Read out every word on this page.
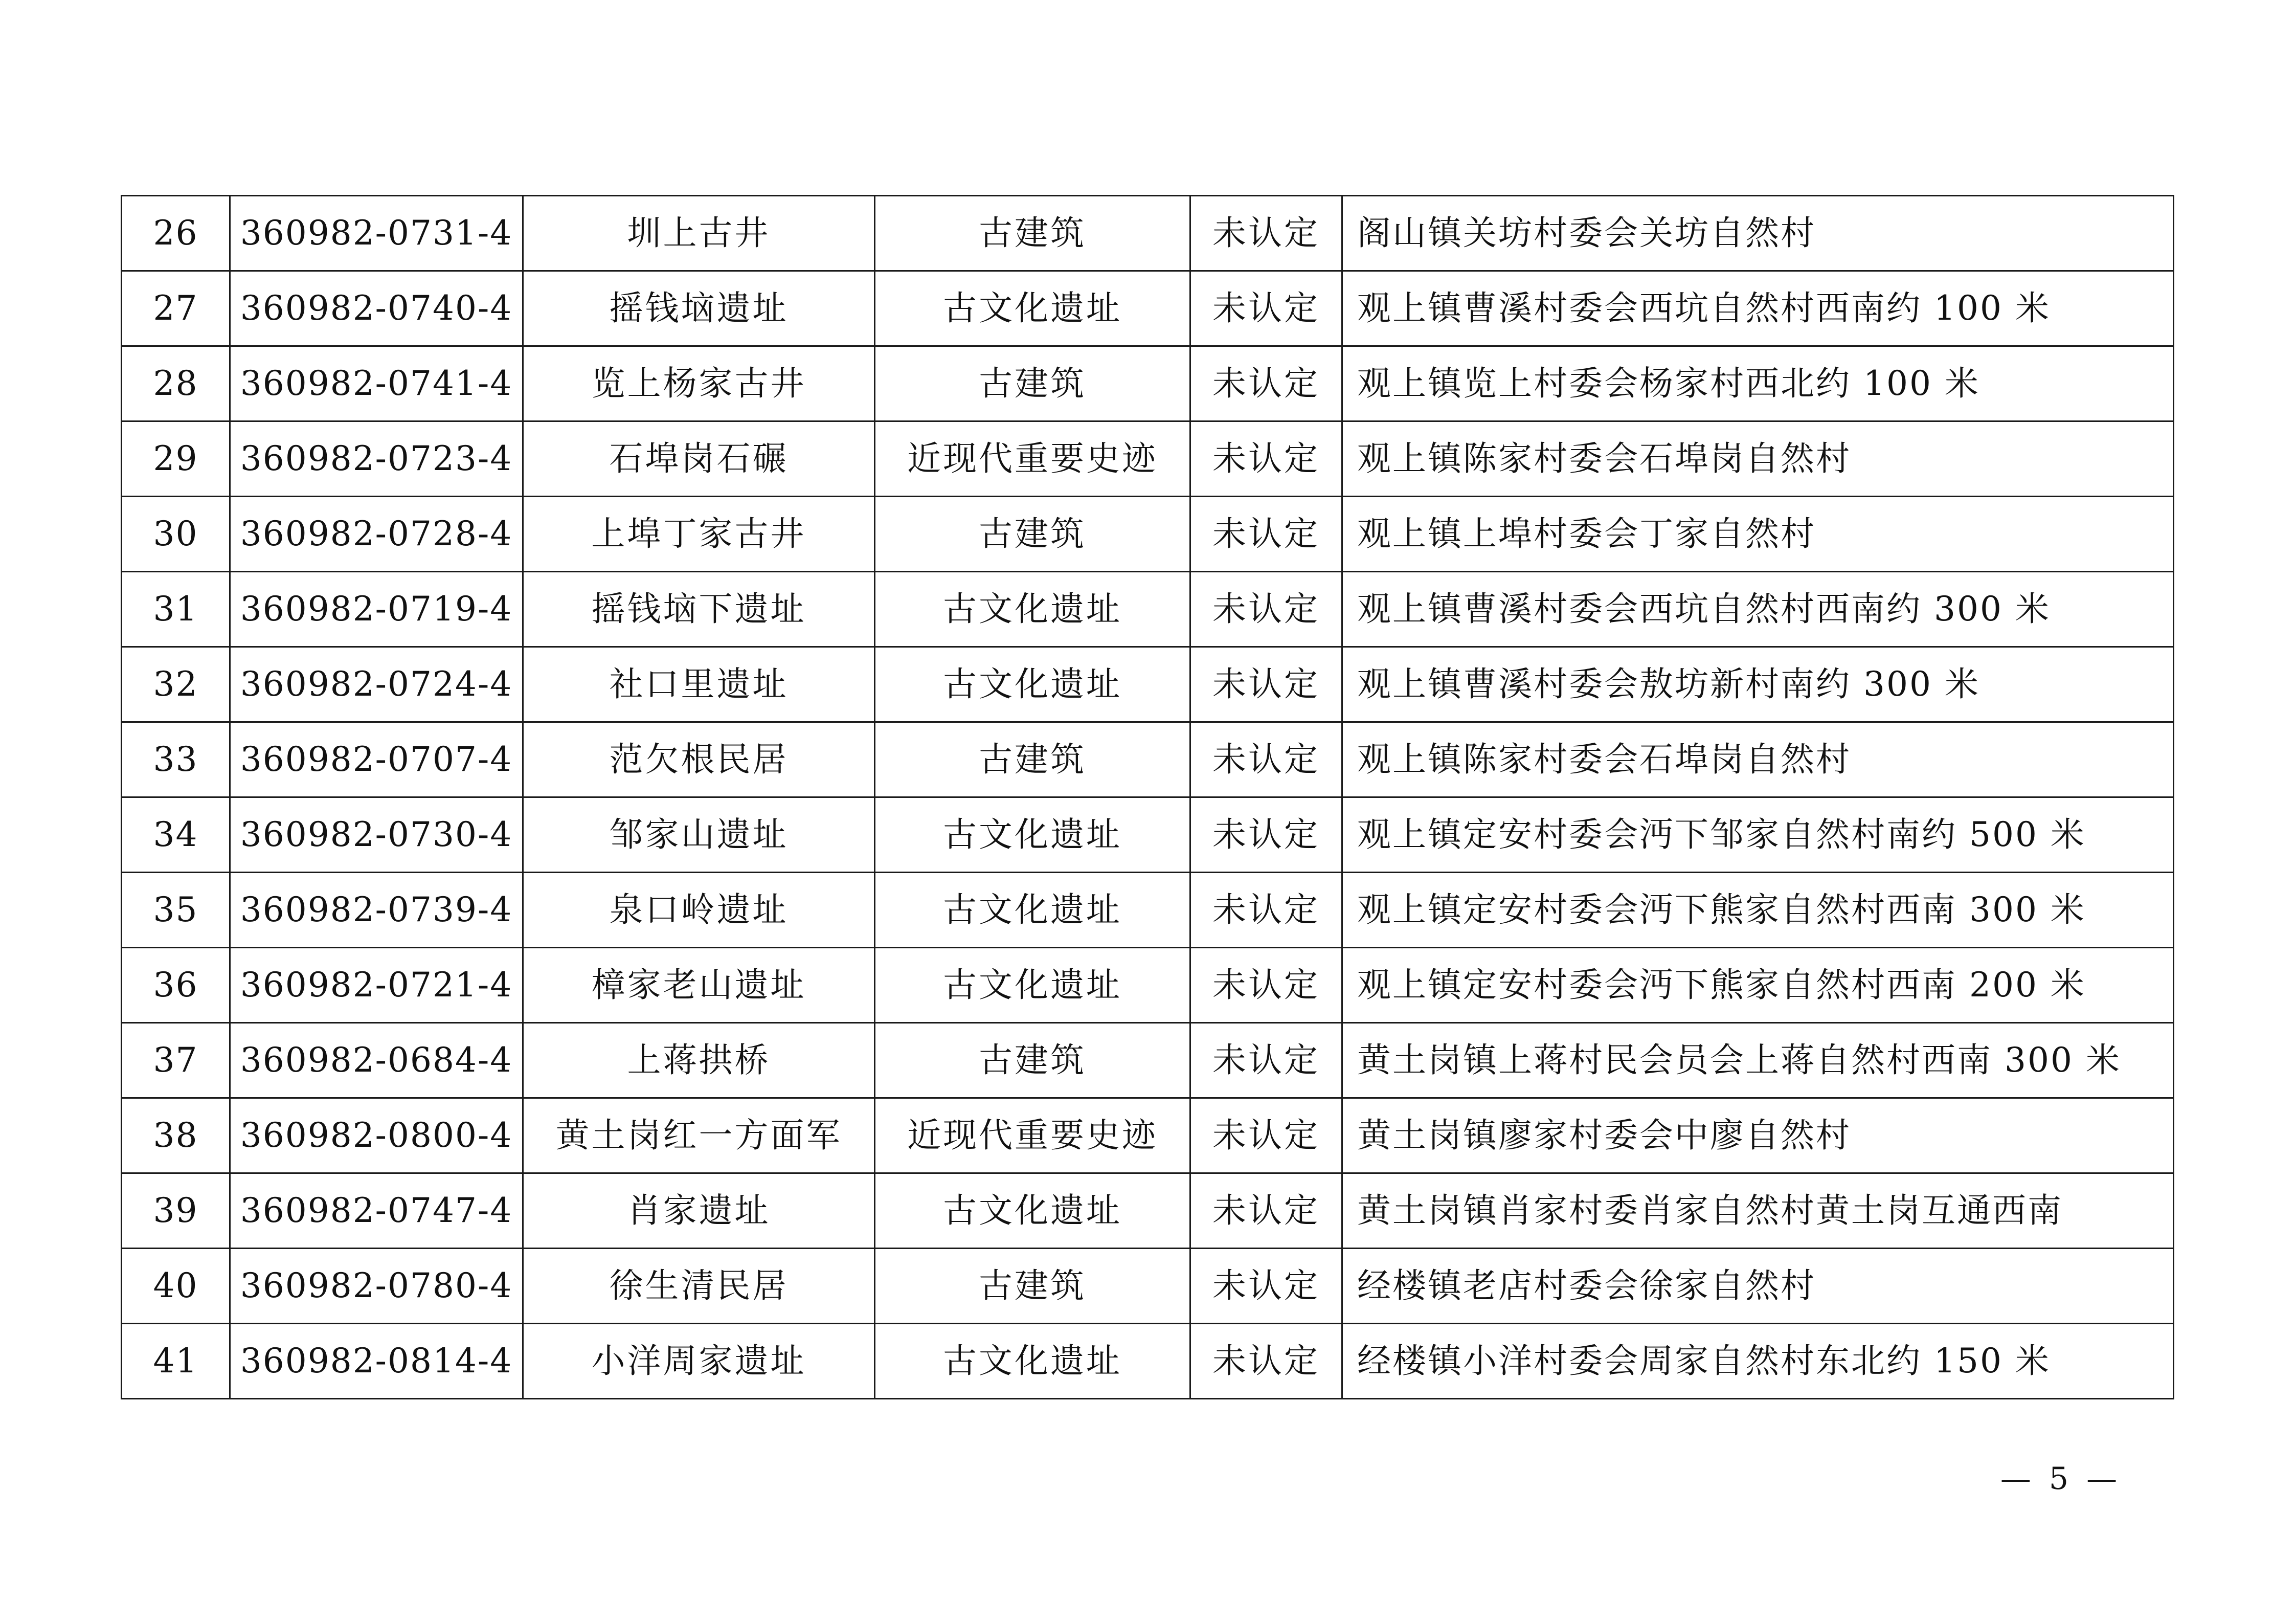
26	360982-0731-4	圳上古井	古建筑	未认定	阁山镇关坊村委会关坊自然村
27	360982-0740-4	摇钱垴遗址	古文化遗址	未认定	观上镇曹溪村委会西坑自然村西南约 100 米
28	360982-0741-4	览上杨家古井	古建筑	未认定	观上镇览上村委会杨家村西北约 100 米
29	360982-0723-4	石埠岗石碾	近现代重要史迹	未认定	观上镇陈家村委会石埠岗自然村
30	360982-0728-4	上埠丁家古井	古建筑	未认定	观上镇上埠村委会丁家自然村
31	360982-0719-4	摇钱垴下遗址	古文化遗址	未认定	观上镇曹溪村委会西坑自然村西南约 300 米
32	360982-0724-4	社口里遗址	古文化遗址	未认定	观上镇曹溪村委会敖坊新村南约 300 米
33	360982-0707-4	范欠根民居	古建筑	未认定	观上镇陈家村委会石埠岗自然村
34	360982-0730-4	邹家山遗址	古文化遗址	未认定	观上镇定安村委会沔下邹家自然村南约 500 米
35	360982-0739-4	泉口岭遗址	古文化遗址	未认定	观上镇定安村委会沔下熊家自然村西南 300 米
36	360982-0721-4	樟家老山遗址	古文化遗址	未认定	观上镇定安村委会沔下熊家自然村西南 200 米
37	360982-0684-4	上蒋拱桥	古建筑	未认定	黄土岗镇上蒋村民会员会上蒋自然村西南 300 米
38	360982-0800-4	黄土岗红一方面军	近现代重要史迹	未认定	黄土岗镇廖家村委会中廖自然村
39	360982-0747-4	肖家遗址	古文化遗址	未认定	黄土岗镇肖家村委肖家自然村黄土岗互通西南
40	360982-0780-4	徐生清民居	古建筑	未认定	经楼镇老店村委会徐家自然村
41	360982-0814-4	小洋周家遗址	古文化遗址	未认定	经楼镇小洋村委会周家自然村东北约 150 米
— 5 —
